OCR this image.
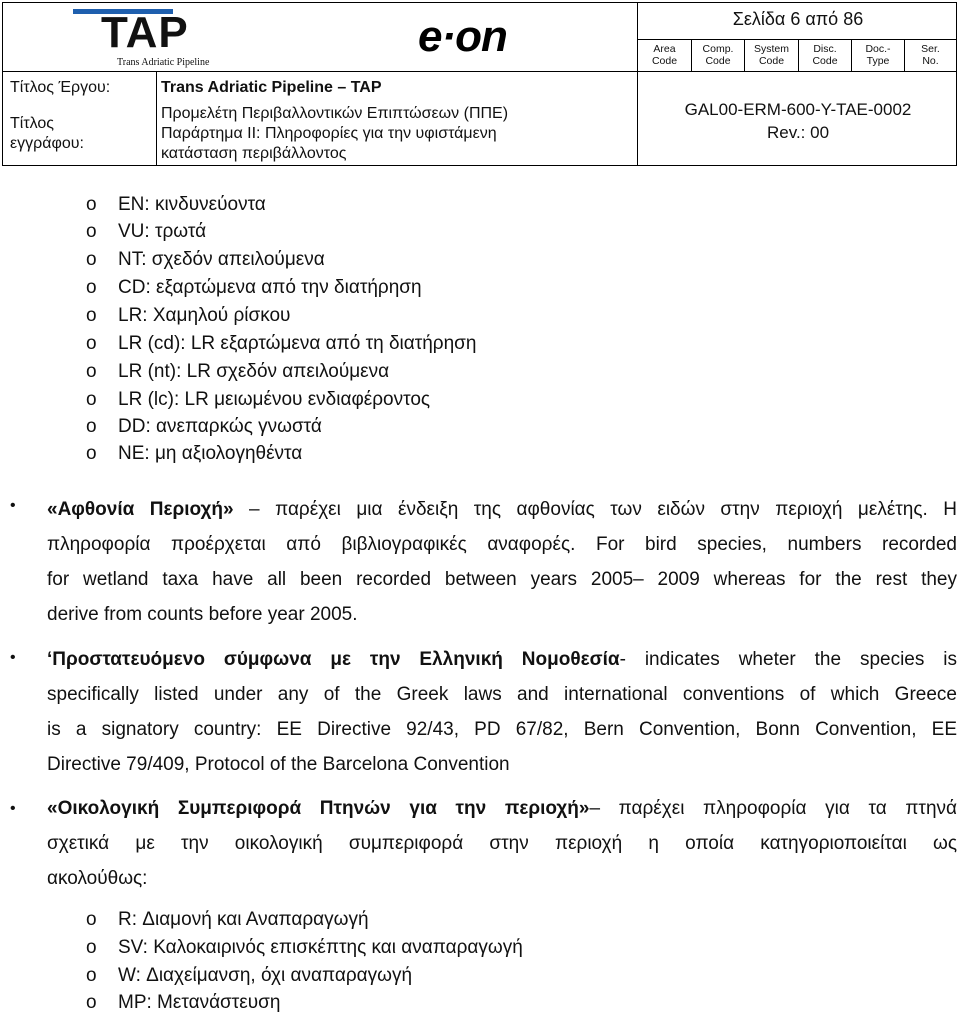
TAP
Trans Adriatic Pipeline
e·on	Σελίδα 6 από 86
Area
Code
Comp.
Code
System
Code
Disc.
Code
Doc.-
Type
Ser.
No.
Τίτλος Έργου:	Trans Adriatic Pipeline – TAP
Τίτλος
εγγράφου:
Προμελέτη Περιβαλλοντικών Επιπτώσεων (ΠΠΕ)
Παράρτημα ΙΙ: Πληροφορίες για την υφιστάμενη
κατάσταση περιβάλλοντος
GAL00-ERM-600-Y-TAE-0002
Rev.: 00
o EN: κινδυνεύοντα
o VU: τρωτά
o NT: σχεδόν απειλούμενα
o CD: εξαρτώμενα από την διατήρηση
o LR: Χαμηλού ρίσκου
o LR (cd): LR εξαρτώμενα από τη διατήρηση
o LR (nt): LR σχεδόν απειλούμενα
o LR (lc): LR μειωμένου ενδιαφέροντος
o DD: ανεπαρκώς γνωστά
o NE: μη αξιολογηθέντα
• «Αφθονία Περιοχή» – παρέχει μια ένδειξη της αφθονίας των ειδών στην περιοχή μελέτης. Η
πληροφορία προέρχεται από βιβλιογραφικές αναφορές. For bird species, numbers recorded
for wetland taxa have all been recorded between years 2005– 2009 whereas for the rest they
derive from counts before year 2005.
• ‘Προστατευόμενο σύμφωνα με την Ελληνική Νομοθεσία- indicates wheter the species is
specifically listed under any of the Greek laws and international conventions of which Greece
is a signatory country: EE Directive 92/43, PD 67/82, Bern Convention, Bonn Convention, EE
Directive 79/409, Protocol of the Barcelona Convention
• «Οικολογική Συμπεριφορά Πτηνών για την περιοχή»– παρέχει πληροφορία για τα πτηνά
σχετικά με την οικολογική συμπεριφορά στην περιοχή η οποία κατηγοριοποιείται ως
ακολούθως:
o R: Διαμονή και Αναπαραγωγή
o SV: Καλοκαιρινός επισκέπτης και αναπαραγωγή
o W: Διαχείμανση, όχι αναπαραγωγή
o MP: Μετανάστευση
